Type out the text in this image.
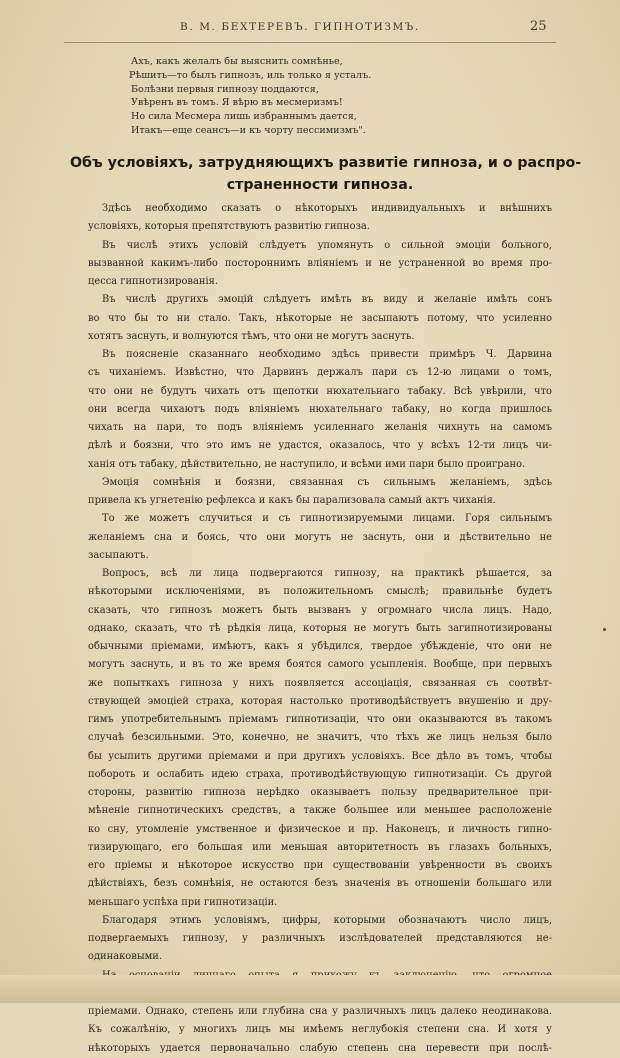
В. М. БЕХТЕРЕВЪ. ГИПНОТИЗМЪ.	25
Ахъ, какъ желалъ бы выяснить сомнѣнье,
Рѣшить—то былъ гипнозъ, иль только я усталъ.
Болѣзни первыя гипнозу поддаются,
Увѣренъ въ томъ. Я вѣрю въ месмеризмъ!
Но сила Месмера лишь избраннымъ дается,
Итакъ—еще сеансъ—и къ чорту пессимизмъ".
Объ условіяхъ, затрудняющихъ развитіе гипноза, и о распро-
страненности гипноза.
Здѣсь необходимо сказать о нѣкоторыхъ индивидуальныхъ и внѣшнихъ
условіяхъ, которыя препятствуютъ развитію гипноза.
Въ числѣ этихъ условій слѣдуетъ упомянуть о сильной эмоціи больного,
вызванной какимъ-либо постороннимъ вліяніемъ и не устраненной во время про-
цесса гипнотизированія.
Въ числѣ другихъ эмоцій слѣдуетъ имѣть въ виду и желаніе имѣть сонъ
во что бы то ни стало. Такъ, нѣкоторые не засыпаютъ потому, что усиленно
хотятъ заснуть, и волнуются тѣмъ, что они не могутъ заснуть.
Въ поясненіе сказаннаго необходимо здѣсь привести примѣръ Ч. Дарвина
съ чиханіемъ. Извѣстно, что Дарвинъ держалъ пари съ 12-ю лицами о томъ,
что они не будутъ чихать отъ щепотки нюхательнаго табаку. Всѣ увѣрили, что
они всегда чихаютъ подъ вліяніемъ нюхательнаго табаку, но когда пришлось
чихать на пари, то подъ вліяніемъ усиленнаго желанія чихнуть на самомъ
дѣлѣ и боязни, что это имъ не удастся, оказалось, что у всѣхъ 12-ти лицъ чи-
ханія отъ табаку, дѣйствительно, не наступило, и всѣми ими пари было проиграно.
Эмоція сомнѣнія и боязни, связанная съ сильнымъ желаніемъ, здѣсь
привела къ угнетенію рефлекса и какъ бы парализовала самый актъ чиханія.
То же можетъ случиться и съ гипнотизируемыми лицами. Горя сильнымъ
желаніемъ сна и боясь, что они могутъ не заснуть, они и дѣствительно не
засыпаютъ.
Вопросъ, всѣ ли лица подвергаются гипнозу, на практикѣ рѣшается, за
нѣкоторыми исключеніями, въ положительномъ смыслѣ; правильнѣе будетъ
сказать, что гипнозъ можетъ быть вызванъ у огромнаго числа лицъ. Надо,
однако, сказать, что тѣ рѣдкія лица, которыя не могутъ быть загипнотизированы
обычными пріемами, имѣютъ, какъ я убѣдился, твердое убѣжденіе, что они не
могутъ заснуть, и въ то же время боятся самого усыпленія. Вообще, при первыхъ
же попыткахъ гипноза у нихъ появляется ассоціація, связанная съ соотвѣт-
ствующей эмоціей страха, которая настолько противодѣйствуетъ внушенію и дру-
гимъ употребительнымъ пріемамъ гипнотизаціи, что они оказываются въ такомъ
случаѣ безсильными. Это, конечно, не значитъ, что тѣхъ же лицъ нельзя было
бы усыпить другими пріемами и при другихъ условіяхъ. Все дѣло въ томъ, чтобы
побороть и ослабить идею страха, противодѣйствующую гипнотизаціи. Съ другой
стороны, развитію гипноза нерѣдко оказываетъ пользу предварительное при-
мѣненіе гипнотическихъ средствъ, а также большее или меньшее расположеніе
ко сну, утомленіе умственное и физическое и пр. Наконецъ, и личность гипно-
тизирующаго, его большая или меньшая авторитетность въ глазахъ больныхъ,
его пріемы и нѣкоторое искусство при существованіи увѣренности въ своихъ
дѣйствіяхъ, безъ сомнѣнія, не остаются безъ значенія въ отношеніи большаго или
меньшаго успѣха при гипнотизаціи.
Благодаря этимъ условіямъ, цифры, которыми обозначаютъ число лицъ,
подвергаемыхъ гипнозу, у различныхъ изслѣдователей представляются не-
одинаковыми.
пріемами. Однако, степень или глубина сна у различныхъ лицъ далеко неодинакова.
Къ сожалѣнію, у многихъ лицъ мы имѣемъ неглубокія степени сна. И хотя у
нѣкоторыхъ удается первоначально слабую степень сна перевести при послѣ-
